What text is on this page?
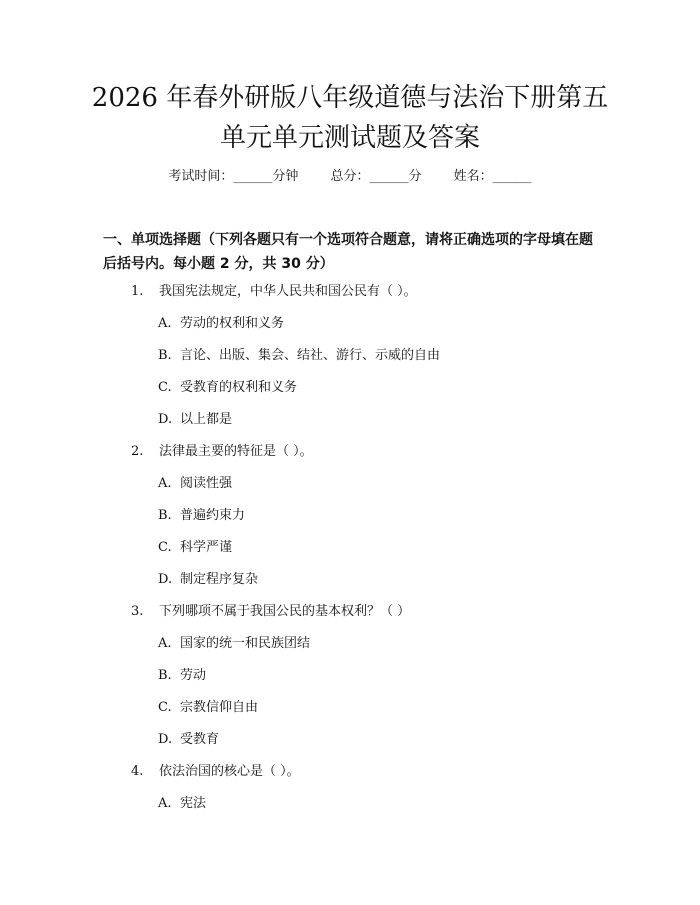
2026 年春外研版八年级道德与法治下册第五
单元单元测试题及答案
考试时间：______分钟 总分：______分 姓名：______
一、单项选择题（下列各题只有一个选项符合题意，请将正确选项的字母填在题
后括号内。每小题 2 分，共 30 分）
1. 我国宪法规定，中华人民共和国公民有（ ）。
A. 劳动的权利和义务
B. 言论、出版、集会、结社、游行、示威的自由
C. 受教育的权利和义务
D. 以上都是
2. 法律最主要的特征是（ ）。
A. 阅读性强
B. 普遍约束力
C. 科学严谨
D. 制定程序复杂
3. 下列哪项不属于我国公民的基本权利？（ ）
A. 国家的统一和民族团结
B. 劳动
C. 宗教信仰自由
D. 受教育
4. 依法治国的核心是（ ）。
A. 宪法
